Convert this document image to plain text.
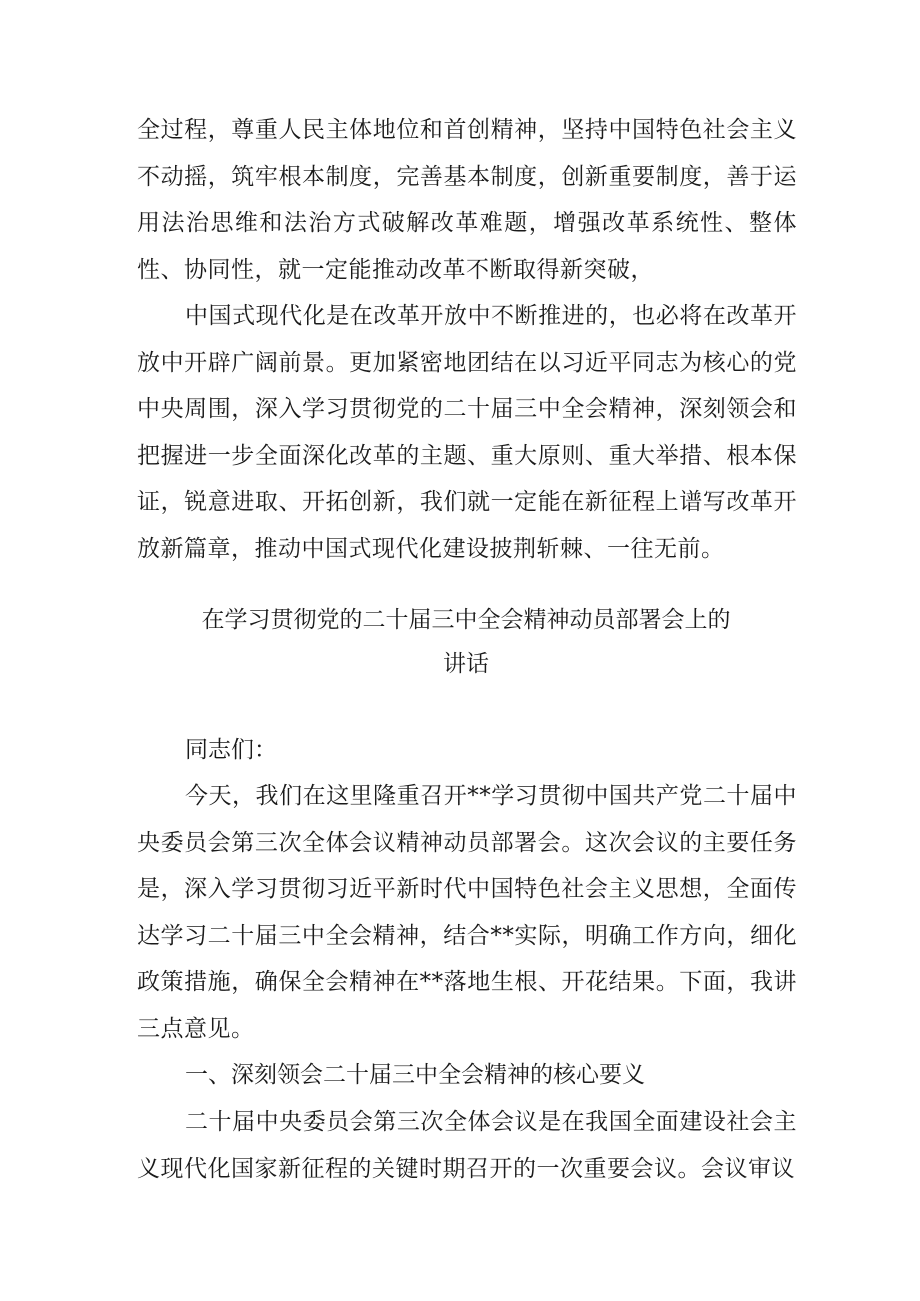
全过程，尊重人民主体地位和首创精神，坚持中国特色社会主义不动摇，筑牢根本制度，完善基本制度，创新重要制度，善于运用法治思维和法治方式破解改革难题，增强改革系统性、整体性、协同性，就一定能推动改革不断取得新突破，

中国式现代化是在改革开放中不断推进的，也必将在改革开放中开辟广阔前景。更加紧密地团结在以习近平同志为核心的党中央周围，深入学习贯彻党的二十届三中全会精神，深刻领会和把握进一步全面深化改革的主题、重大原则、重大举措、根本保证，锐意进取、开拓创新，我们就一定能在新征程上谱写改革开放新篇章，推动中国式现代化建设披荆斩棘、一往无前。

在学习贯彻党的二十届三中全会精神动员部署会上的
讲话

同志们：

今天，我们在这里隆重召开**学习贯彻中国共产党二十届中央委员会第三次全体会议精神动员部署会。这次会议的主要任务是，深入学习贯彻习近平新时代中国特色社会主义思想，全面传达学习二十届三中全会精神，结合**实际，明确工作方向，细化政策措施，确保全会精神在**落地生根、开花结果。下面，我讲三点意见。

一、深刻领会二十届三中全会精神的核心要义

二十届中央委员会第三次全体会议是在我国全面建设社会主义现代化国家新征程的关键时期召开的一次重要会议。会议审议
